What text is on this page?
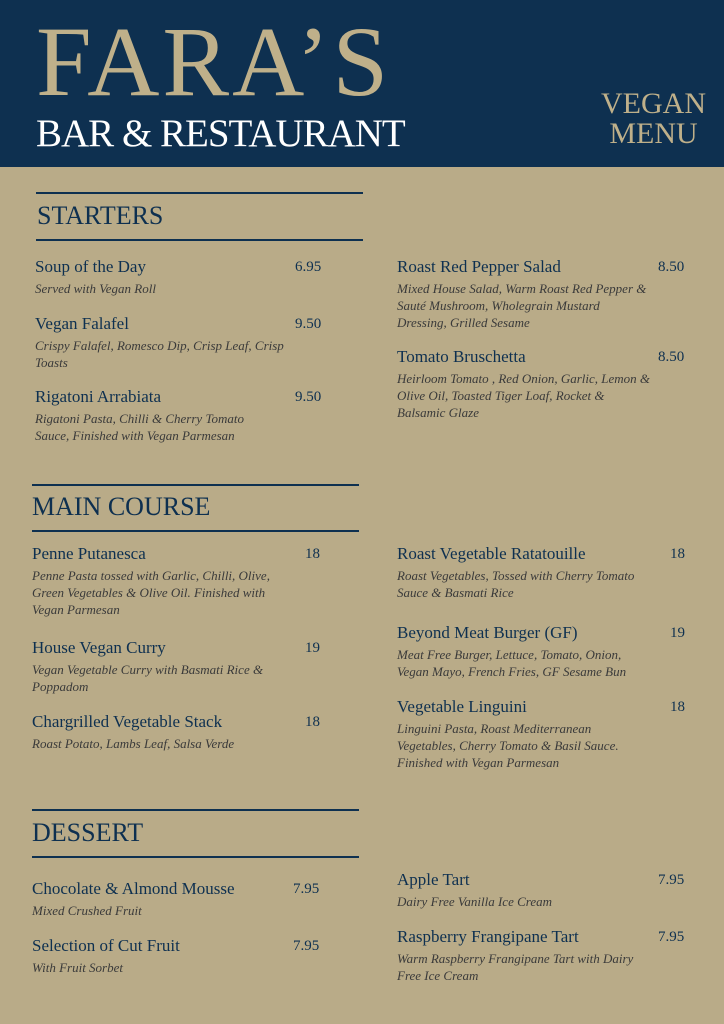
FARA’S
BAR & RESTAURANT
VEGAN
MENU
STARTERS
Soup of the Day	6.95
Served with Vegan Roll
Vegan Falafel	9.50
Crispy Falafel, Romesco Dip, Crisp Leaf, Crisp Toasts
Rigatoni Arrabiata	9.50
Rigatoni Pasta, Chilli & Cherry Tomato Sauce, Finished with Vegan Parmesan
Roast Red Pepper Salad	8.50
Mixed House Salad, Warm Roast Red Pepper & Sauté Mushroom, Wholegrain Mustard Dressing, Grilled Sesame
Tomato Bruschetta	8.50
Heirloom Tomato , Red Onion, Garlic, Lemon & Olive Oil, Toasted Tiger Loaf, Rocket & Balsamic Glaze
MAIN COURSE
Penne Putanesca	18
Penne Pasta tossed with Garlic, Chilli, Olive, Green Vegetables & Olive Oil. Finished with Vegan Parmesan
House Vegan Curry	19
Vegan Vegetable Curry with Basmati Rice & Poppadom
Chargrilled Vegetable Stack	18
Roast Potato, Lambs Leaf, Salsa Verde
Roast Vegetable Ratatouille	18
Roast Vegetables, Tossed with Cherry Tomato Sauce & Basmati Rice
Beyond Meat Burger (GF)	19
Meat Free Burger, Lettuce, Tomato, Onion, Vegan Mayo, French Fries, GF Sesame Bun
Vegetable Linguini	18
Linguini Pasta, Roast Mediterranean Vegetables, Cherry Tomato & Basil Sauce. Finished with Vegan Parmesan
DESSERT
Chocolate & Almond Mousse	7.95
Mixed Crushed Fruit
Selection of Cut Fruit	7.95
With Fruit Sorbet
Apple Tart	7.95
Dairy Free Vanilla Ice Cream
Raspberry Frangipane Tart	7.95
Warm Raspberry Frangipane Tart with Dairy Free Ice Cream
